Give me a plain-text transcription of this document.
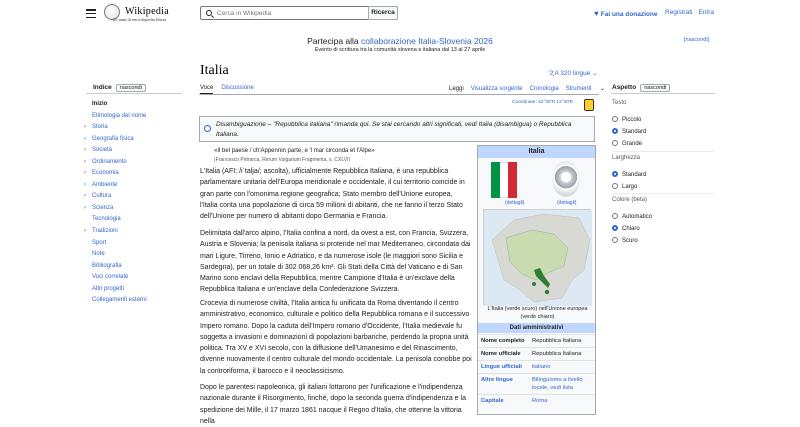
Wikipedia
25 anni di enciclopedia libera
Cerca in Wikipedia	Ricerca	♥ Fai una donazione Registrati Entra
Partecipa alla collaborazione Italia-Slovenia 2026
Evento di scrittura tra la comunità slovena e italiana dal 13 al 27 aprile
[nascondi]
Indice nascondi
Inizio
Etimologia del nome
› Storia
› Geografia fisica
› Società
› Ordinamento
› Economia
› Ambiente
› Cultura
› Scienza
Tecnologia
› Tradizioni
Sport
Note
Bibliografia
Voci correlate
Altri progetti
Collegamenti esterni
Italia	文A 320 lingue ⌄
Voce Discussione	Leggi Visualizza sorgente Cronologia Strumenti ⌄
Coordinate: 42°30′N 12°30′E
Disambiguazione – "Repubblica italiana" rimanda qui. Se stai cercando altri significati, vedi Italia (disambigua) o Repubblica Italiana.
«Il bel paese / ch'Appennin parte, e 'l mar circonda et l'Alpe»
(Francesco Petrarca, Rerum Vulgarium Fragmenta, s. CXLVI)
L'Italia (AFI: /iˈtalja/; ascolta), ufficialmente Repubblica Italiana, è una repubblica parlamentare unitaria dell'Europa meridionale e occidentale, il cui territorio coincide in gran parte con l'omonima regione geografica; Stato membro dell'Unione europea, l'Italia conta una popolazione di circa 59 milioni di abitanti, che ne fanno il terzo Stato dell'Unione per numero di abitanti dopo Germania e Francia.
Delimitata dall'arco alpino, l'Italia confina a nord, da ovest a est, con Francia, Svizzera, Austria e Slovenia; la penisola italiana si protende nel mar Mediterraneo, circondata dai mari Ligure, Tirreno, Ionio e Adriatico, e da numerose isole (le maggiori sono Sicilia e Sardegna), per un totale di 302 068,26 km². Gli Stati della Città del Vaticano e di San Marino sono enclavi della Repubblica, mentre Campione d'Italia è un'exclave della Repubblica Italiana e un'enclave della Confederazione Svizzera.
Crocevia di numerose civiltà, l'Italia antica fu unificata da Roma diventando il centro amministrativo, economico, culturale e politico della Repubblica romana e il successivo Impero romano. Dopo la caduta dell'Impero romano d'Occidente, l'Italia medievale fu soggetta a invasioni e dominazioni di popolazioni barbariche, perdendo la propria unità politica. Tra XV e XVI secolo, con la diffusione dell'Umanesimo e del Rinascimento, divenne nuovamente il centro culturale del mondo occidentale. La penisola conobbe poi la controriforma, il barocco e il neoclassicismo.
Dopo le parentesi napoleonica, gli italiani lottarono per l'unificazione e l'indipendenza nazionale durante il Risorgimento, finché, dopo la seconda guerra d'indipendenza e la spedizione dei Mille, il 17 marzo 1861 nacque il Regno d'Italia, che ottenne la vittoria nella
Italia
(dettagli)	(dettagli)
L'Italia (verde scuro) nell'Unione europea (verde chiaro)
Dati amministrativi
Nome completo	Repubblica Italiana
Nome ufficiale	Repubblica Italiana
Lingue ufficiali	italiano
Altre lingue	Bilinguismo a livello locale, vedi lista
Capitale	Roma
Aspetto nascondi
Testo
Piccolo
Standard
Grande
Larghezza
Standard
Largo
Colore (beta)
Automatico
Chiaro
Scuro
